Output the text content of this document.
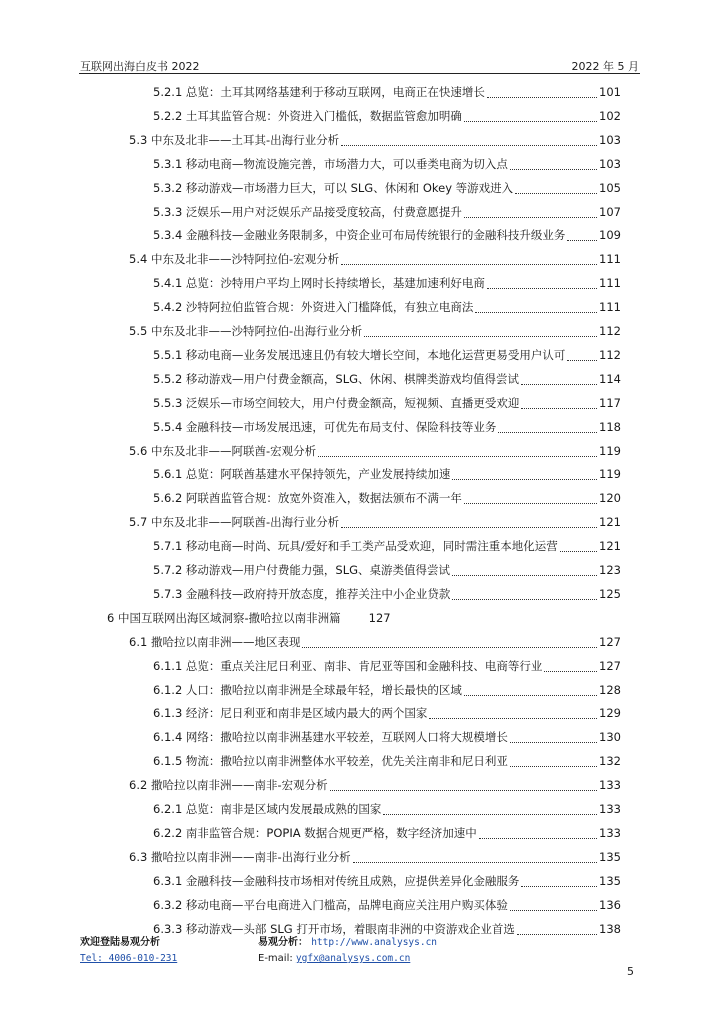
互联网出海白皮书 2022	2022 年 5 月
5.2.1 总览：土耳其网络基建利于移动互联网，电商正在快速增长	101
5.2.2 土耳其监管合规：外资进入门槛低，数据监管愈加明确	102
5.3 中东及北非——土耳其-出海行业分析	103
5.3.1 移动电商—物流设施完善，市场潜力大，可以垂类电商为切入点	103
5.3.2 移动游戏—市场潜力巨大，可以 SLG、休闲和 Okey 等游戏进入	105
5.3.3 泛娱乐—用户对泛娱乐产品接受度较高，付费意愿提升	107
5.3.4 金融科技—金融业务限制多，中资企业可布局传统银行的金融科技升级业务	109
5.4 中东及北非——沙特阿拉伯-宏观分析	111
5.4.1 总览：沙特用户平均上网时长持续增长，基建加速利好电商	111
5.4.2 沙特阿拉伯监管合规：外资进入门槛降低，有独立电商法	111
5.5 中东及北非——沙特阿拉伯-出海行业分析	112
5.5.1 移动电商—业务发展迅速且仍有较大增长空间，本地化运营更易受用户认可	112
5.5.2 移动游戏—用户付费金额高，SLG、休闲、棋牌类游戏均值得尝试	114
5.5.3 泛娱乐—市场空间较大，用户付费金额高，短视频、直播更受欢迎	117
5.5.4 金融科技—市场发展迅速，可优先布局支付、保险科技等业务	118
5.6 中东及北非——阿联酋-宏观分析	119
5.6.1 总览：阿联酋基建水平保持领先，产业发展持续加速	119
5.6.2 阿联酋监管合规：放宽外资准入，数据法颁布不满一年	120
5.7 中东及北非——阿联酋-出海行业分析	121
5.7.1 移动电商—时尚、玩具/爱好和手工类产品受欢迎，同时需注重本地化运营	121
5.7.2 移动游戏—用户付费能力强，SLG、桌游类值得尝试	123
5.7.3 金融科技—政府持开放态度，推荐关注中小企业贷款	125
6 中国互联网出海区域洞察-撒哈拉以南非洲篇 127
6.1 撒哈拉以南非洲——地区表现	127
6.1.1 总览：重点关注尼日利亚、南非、肯尼亚等国和金融科技、电商等行业	127
6.1.2 人口：撒哈拉以南非洲是全球最年轻，增长最快的区域	128
6.1.3 经济：尼日利亚和南非是区域内最大的两个国家	129
6.1.4 网络：撒哈拉以南非洲基建水平较差，互联网人口将大规模增长	130
6.1.5 物流：撒哈拉以南非洲整体水平较差，优先关注南非和尼日利亚	132
6.2 撒哈拉以南非洲——南非-宏观分析	133
6.2.1 总览：南非是区域内发展最成熟的国家	133
6.2.2 南非监管合规：POPIA 数据合规更严格，数字经济加速中	133
6.3 撒哈拉以南非洲——南非-出海行业分析	135
6.3.1 金融科技—金融科技市场相对传统且成熟，应提供差异化金融服务	135
6.3.2 移动电商—平台电商进入门槛高，品牌电商应关注用户购买体验	136
6.3.3 移动游戏—头部 SLG 打开市场，着眼南非洲的中资游戏企业首选	138
欢迎登陆易观分析
Tel: 4006-010-231
易观分析： http://www.analysys.cn
E-mail: ygfx@analysys.com.cn
5
